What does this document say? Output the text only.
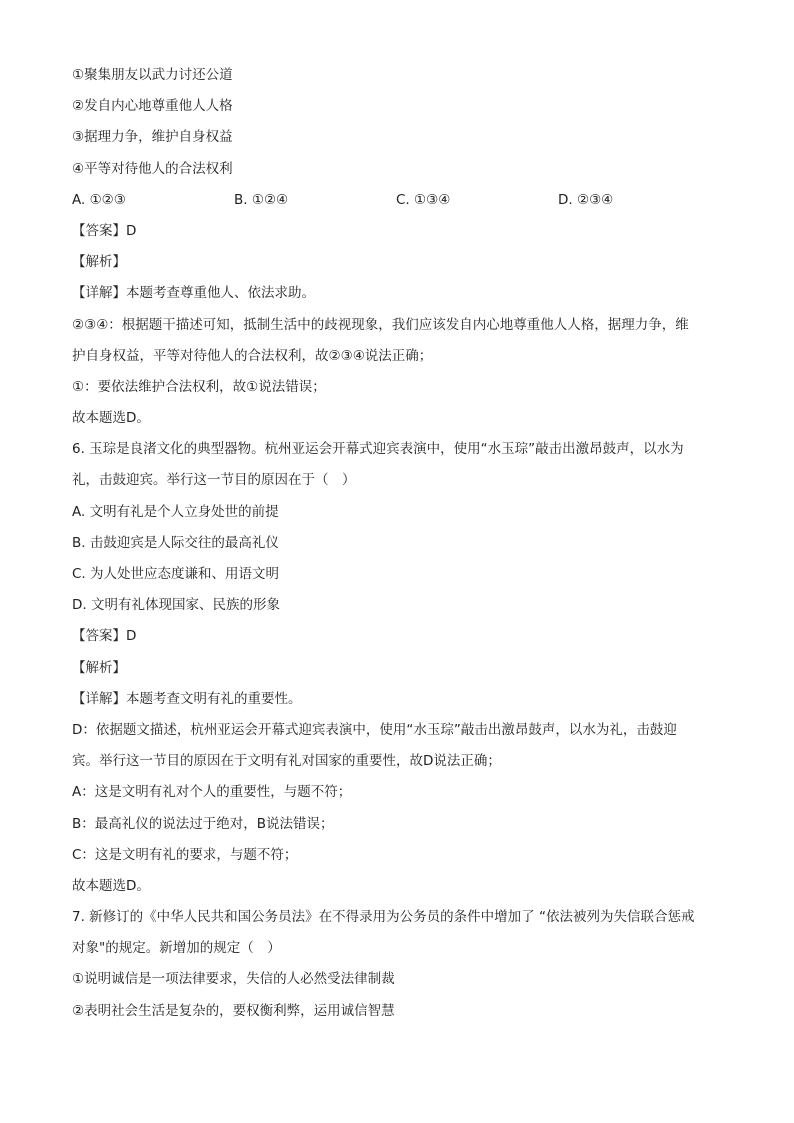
①聚集朋友以武力讨还公道

②发自内心地尊重他人人格

③据理力争，维护自身权益

④平等对待他人的合法权利

A. ①②③	B. ①②④	C. ①③④	D. ②③④

【答案】D

【解析】

【详解】本题考查尊重他人、依法求助。

②③④：根据题干描述可知，抵制生活中的歧视现象，我们应该发自内心地尊重他人人格，据理力争，维

护自身权益，平等对待他人的合法权利，故②③④说法正确；

①：要依法维护合法权利，故①说法错误；

故本题选D。

6. 玉琮是良渚文化的典型器物。杭州亚运会开幕式迎宾表演中，使用“水玉琮”敲击出激昂鼓声，以水为

礼，击鼓迎宾。举行这一节目的原因在于（　）

A. 文明有礼是个人立身处世的前提

B. 击鼓迎宾是人际交往的最高礼仪

C. 为人处世应态度谦和、用语文明

D. 文明有礼体现国家、民族的形象

【答案】D

【解析】

【详解】本题考查文明有礼的重要性。

D：依据题文描述，杭州亚运会开幕式迎宾表演中，使用“水玉琮”敲击出激昂鼓声，以水为礼，击鼓迎

宾。举行这一节目的原因在于文明有礼对国家的重要性，故D说法正确；

A：这是文明有礼对个人的重要性，与题不符；

B：最高礼仪的说法过于绝对，B说法错误；

C：这是文明有礼的要求，与题不符；

故本题选D。

7. 新修订的《中华人民共和国公务员法》在不得录用为公务员的条件中增加了 “依法被列为失信联合惩戒

对象"的规定。新增加的规定（　）

①说明诚信是一项法律要求，失信的人必然受法律制裁

②表明社会生活是复杂的，要权衡利弊，运用诚信智慧
